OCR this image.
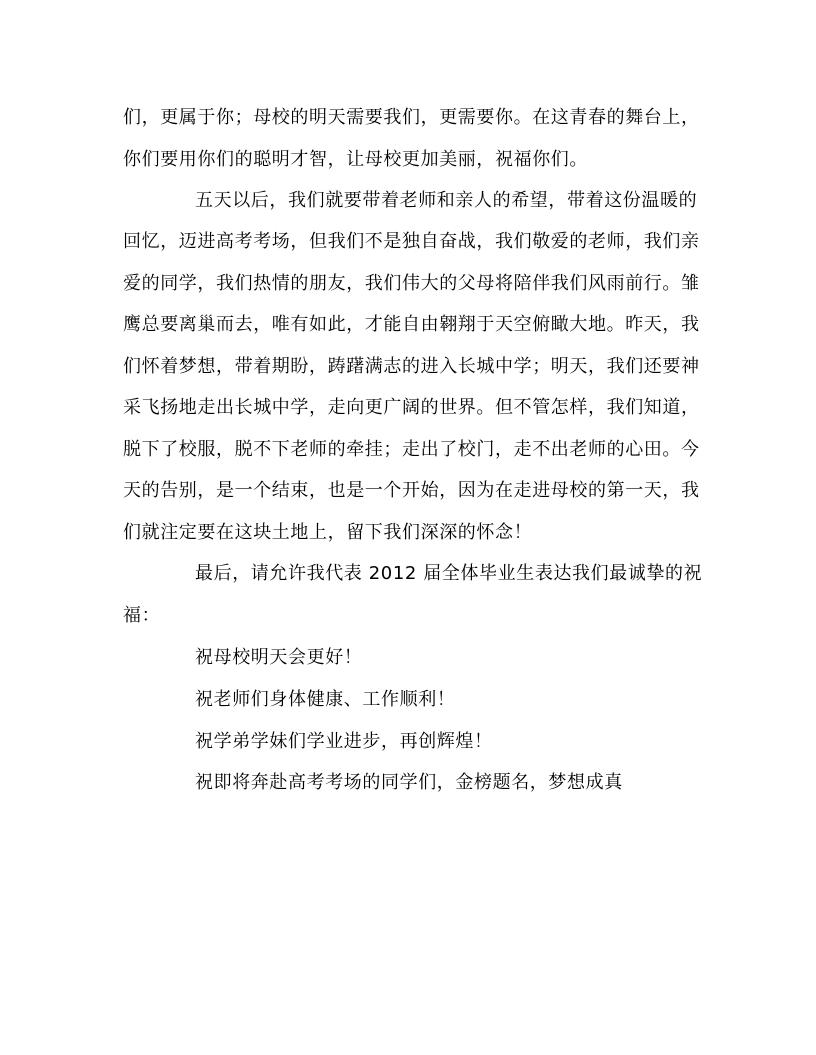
们，更属于你；母校的明天需要我们，更需要你。在这青春的舞台上，
你们要用你们的聪明才智，让母校更加美丽，祝福你们。
五天以后，我们就要带着老师和亲人的希望，带着这份温暖的
回忆，迈进高考考场，但我们不是独自奋战，我们敬爱的老师，我们亲
爱的同学，我们热情的朋友，我们伟大的父母将陪伴我们风雨前行。雏
鹰总要离巢而去，唯有如此，才能自由翱翔于天空俯瞰大地。昨天，我
们怀着梦想，带着期盼，踌躇满志的进入长城中学；明天，我们还要神
采飞扬地走出长城中学，走向更广阔的世界。但不管怎样，我们知道，
脱下了校服，脱不下老师的牵挂；走出了校门，走不出老师的心田。今
天的告别，是一个结束，也是一个开始，因为在走进母校的第一天，我
们就注定要在这块土地上，留下我们深深的怀念！
最后，请允许我代表 2012 届全体毕业生表达我们最诚挚的祝
福：
祝母校明天会更好！
祝老师们身体健康、工作顺利！
祝学弟学妹们学业进步，再创辉煌！
祝即将奔赴高考考场的同学们，金榜题名，梦想成真
